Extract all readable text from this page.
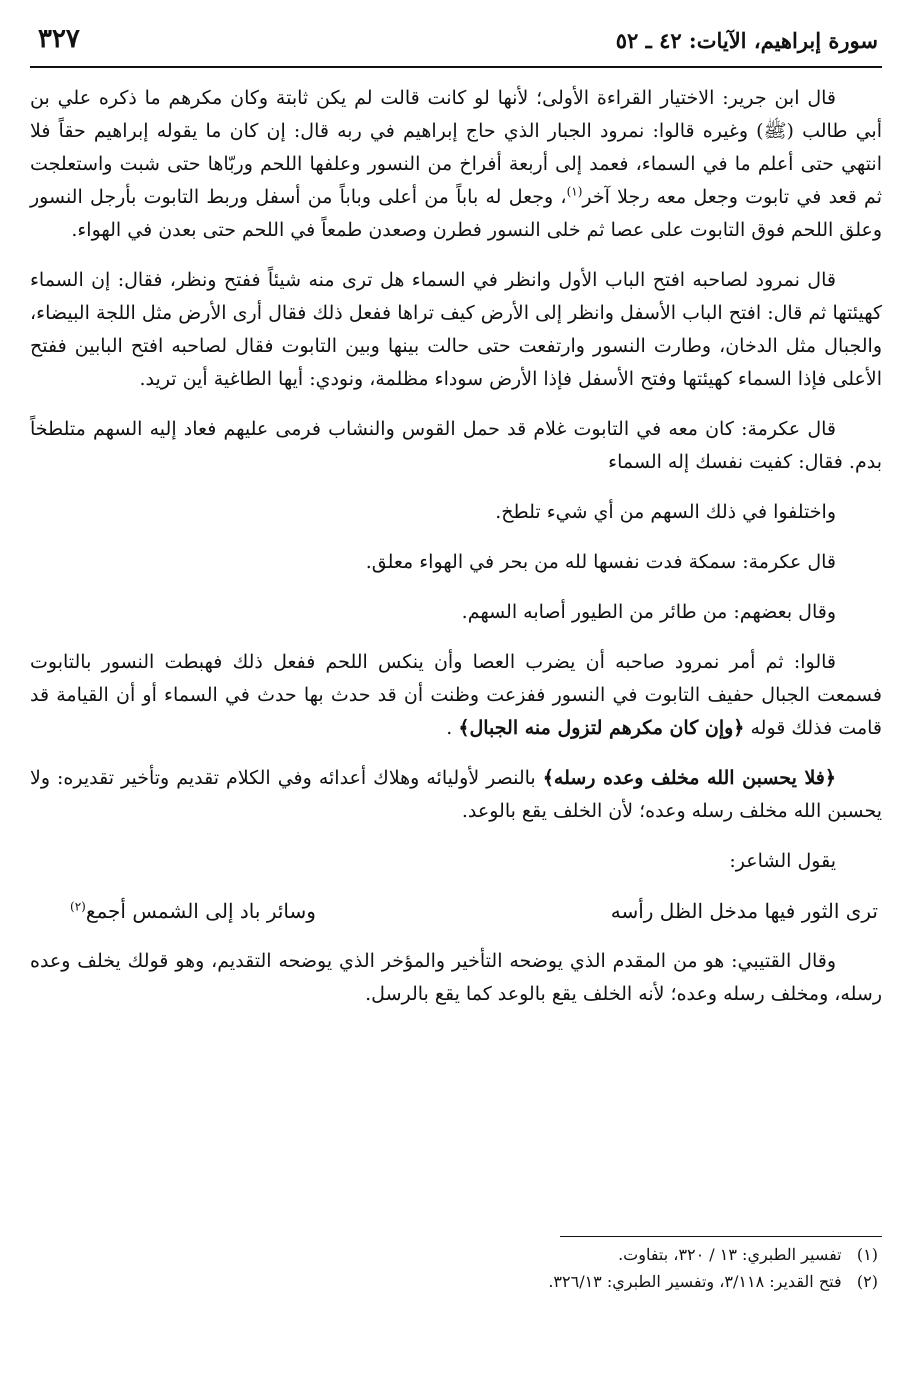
سورة إبراهيم، الآيات: ٤٢ ـ ٥٢
٣٢٧

قال ابن جرير: الاختيار القراءة الأولى؛ لأنها لو كانت قالت لم يكن ثابتة وكان مكرهم ما ذكره علي بن أبي طالب (ﷺ) وغيره قالوا: نمرود الجبار الذي حاج إبراهيم في ربه قال: إن كان ما يقوله إبراهيم حقاً فلا انتهي حتى أعلم ما في السماء، فعمد إلى أربعة أفراخ من النسور وعلفها اللحم وربّاها حتى شبت واستعلجت ثم قعد في تابوت وجعل معه رجلا آخر$^{(١)}$، وجعل له باباً من أعلى وباباً من أسفل وربط التابوت بأرجل النسور وعلق اللحم فوق التابوت على عصا ثم خلى النسور فطرن وصعدن طمعاً في اللحم حتى بعدن في الهواء.

قال نمرود لصاحبه افتح الباب الأول وانظر في السماء هل ترى منه شيئاً ففتح ونظر، فقال: إن السماء كهيئتها ثم قال: افتح الباب الأسفل وانظر إلى الأرض كيف تراها ففعل ذلك فقال أرى الأرض مثل اللجة البيضاء، والجبال مثل الدخان، وطارت النسور وارتفعت حتى حالت بينها وبين التابوت فقال لصاحبه افتح البابين ففتح الأعلى فإذا السماء كهيئتها وفتح الأسفل فإذا الأرض سوداء مظلمة، ونودي: أيها الطاغية أين تريد.

قال عكرمة: كان معه في التابوت غلام قد حمل القوس والنشاب فرمى عليهم فعاد إليه السهم متلطخاً بدم. فقال: كفيت نفسك إله السماء

واختلفوا في ذلك السهم من أي شيء تلطخ.

قال عكرمة: سمكة فدت نفسها لله من بحر في الهواء معلق.

وقال بعضهم: من طائر من الطيور أصابه السهم.

قالوا: ثم أمر نمرود صاحبه أن يضرب العصا وأن ينكس اللحم ففعل ذلك فهبطت النسور بالتابوت فسمعت الجبال حفيف التابوت في النسور ففزعت وظنت أن قد حدث بها حدث في السماء أو أن القيامة قد قامت فذلك قوله ﴿وإن كان مكرهم لتزول منه الجبال﴾ .

﴿فلا يحسبن الله مخلف وعده رسله﴾ بالنصر لأوليائه وهلاك أعدائه وفي الكلام تقديم وتأخير تقديره: ولا يحسبن الله مخلف رسله وعده؛ لأن الخلف يقع بالوعد.

يقول الشاعر:

ترى الثور فيها مدخل الظل رأسه
وسائر باد إلى الشمس أجمع$^{(٢)}$

وقال القتيبي: هو من المقدم الذي يوضحه التأخير والمؤخر الذي يوضحه التقديم، وهو قولك يخلف وعده رسله، ومخلف رسله وعده؛ لأنه الخلف يقع بالوعد كما يقع بالرسل.

(١)   تفسير الطبري: ١٣ / ٣٢٠، بتفاوت.
(٢)   فتح القدير: ٣/١١٨، وتفسير الطبري: ٣٢٦/١٣.
